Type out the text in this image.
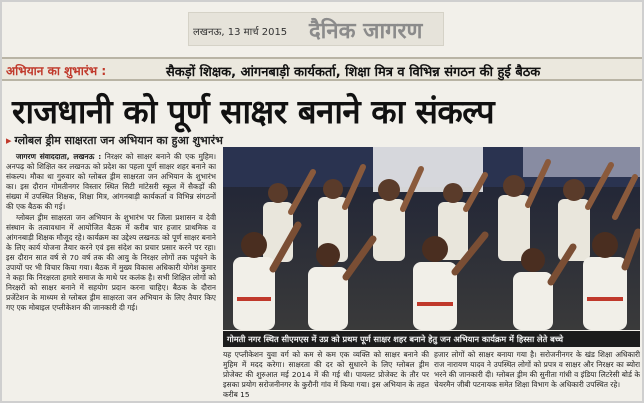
लखनऊ, 13 मार्च 2015 दैनिक जागरण
अभियान का शुभारंभ :	सैकड़ों शिक्षक, आंगनबाड़ी कार्यकर्ता, शिक्षा मित्र व विभिन्न संगठन की हुई बैठक
राजधानी को पूर्ण साक्षर बनाने का संकल्प
▸ ग्लोबल ड्रीम साक्षरता जन अभियान का हुआ शुभारंभ

जागरण संवाददाता, लखनऊ : निरक्षर को साक्षर बनाने की एक मुहिम। अनपढ़ को शिक्षित कर लखनऊ को प्रदेश का पहला पूर्ण साक्षर शहर बनाने का संकल्प। मौका था गुरुवार को ग्लोबल ड्रीम साक्षरता जन अभियान के शुभारंभ का। इस दौरान गोमतीनगर विस्तार स्थित सिटी मांटेसरी स्कूल में सैकड़ों की संख्या में उपस्थित शिक्षक, शिक्षा मित्र, आंगनबाड़ी कार्यकर्ता व विभिन्न संगठनों की एक बैठक की गई।

ग्लोबल ड्रीम साक्षरता जन अभियान के शुभारंभ पर जिला प्रशासन व देवी संस्थान के तत्वावधान में आयोजित बैठक में करीब चार हजार प्राथमिक व आंगनबाड़ी शिक्षक मौजूद रहे। कार्यक्रम का उद्देश्य लखनऊ को पूर्ण साक्षर बनाने के लिए कार्य योजना तैयार करने एवं इस संदेश का प्रचार प्रसार करने पर रहा। इस दौरान सात वर्ष से 70 वर्ष तक की आयु के निरक्षर लोगों तक पहुंचने के उपायों पर भी विचार किया गया। बैठक में मुख्य विकास अधिकारी योगेश कुमार ने कहा कि निरक्षरता हमारे समाज के माथे पर कलंक है। सभी शिक्षित लोगों को निरक्षरों को साक्षर बनाने में सहयोग प्रदान करना चाहिए। बैठक के दौरान प्रजेंटेशन के माध्यम से ग्लोबल ड्रीम साक्षरता जन अभियान के लिए तैयार किए गए एक मोबाइल एप्लीकेशन की जानकारी दी गई।

गोमती नगर स्थित सीएमएस में उप्र को प्रथम पूर्ण साक्षर शहर बनाने हेतु जन अभियान कार्यक्रम में हिस्सा लेते बच्चे
यह एप्लीकेशन युवा वर्ग को कम से कम एक व्यक्ति को साक्षर बनाने की मुहिम में मदद करेगा। साक्षरता की दर को सुधारने के लिए ग्लोबल ड्रीम प्रोजेक्ट की शुरुआत मई 2014 में की गई थी। पायलट प्रोजेक्ट के तौर पर इसका प्रयोग सरोजनीनगर के कुरौनी गांव में किया गया। इस अभियान के तहत करीब 15
हजार लोगों को साक्षर बनाया गया है। सरोजनीनगर के खंड शिक्षा अधिकारी राज नारायण यादव ने उपस्थित लोगों को प्रपत्र व साक्षर और निरक्षर का ब्योरा भरने की जानकारी दी। ग्लोबल ड्रीम की सुनीता गांधी व इंडिया लिटरेसी बोर्ड के चेयरमैन जीबी पटनायक समेत शिक्षा विभाग के अधिकारी उपस्थित रहे।
